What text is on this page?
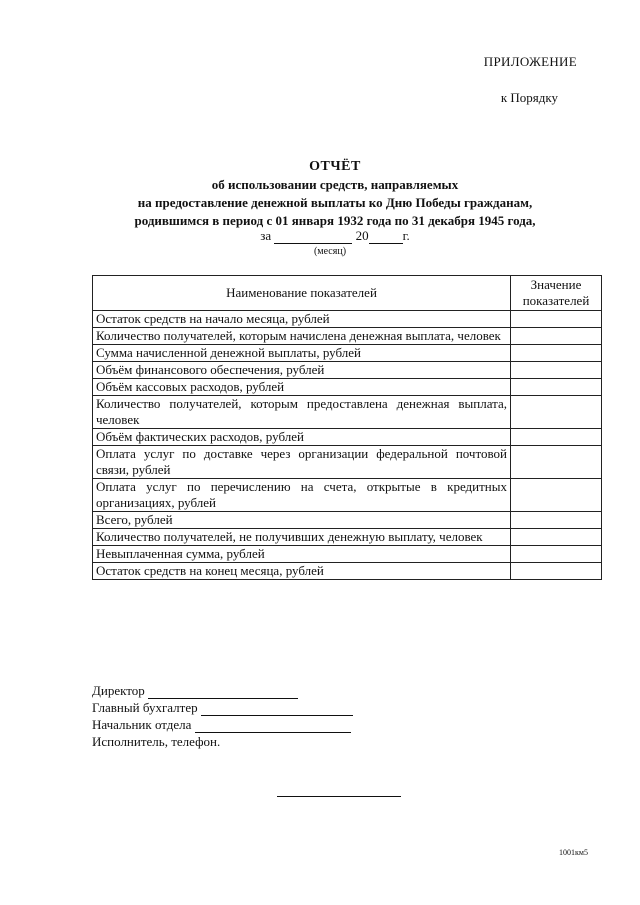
ПРИЛОЖЕНИЕ
к Порядку
ОТЧЁТ
об использовании средств, направляемых
на предоставление денежной выплаты ко Дню Победы гражданам,
родившимся в период с 01 января 1932 года по 31 декабря 1945 года,
за	20	г.
(месяц)
Наименование показателей	Значение показателей
Остаток средств на начало месяца, рублей	
Количество получателей, которым начислена денежная выплата, человек	
Сумма начисленной денежной выплаты, рублей	
Объём финансового обеспечения, рублей	
Объём кассовых расходов, рублей	
Количество получателей, которым предоставлена денежная выплата, человек	
Объём фактических расходов, рублей	
Оплата услуг по доставке через организации федеральной почтовой связи, рублей	
Оплата услуг по перечислению на счета, открытые в кредитных организациях, рублей	
Всего, рублей	
Количество получателей, не получивших денежную выплату, человек	
Невыплаченная сумма, рублей	
Остаток средств на конец месяца, рублей	
Директор
Главный бухгалтер
Начальник отдела
Исполнитель, телефон.
1001км5
